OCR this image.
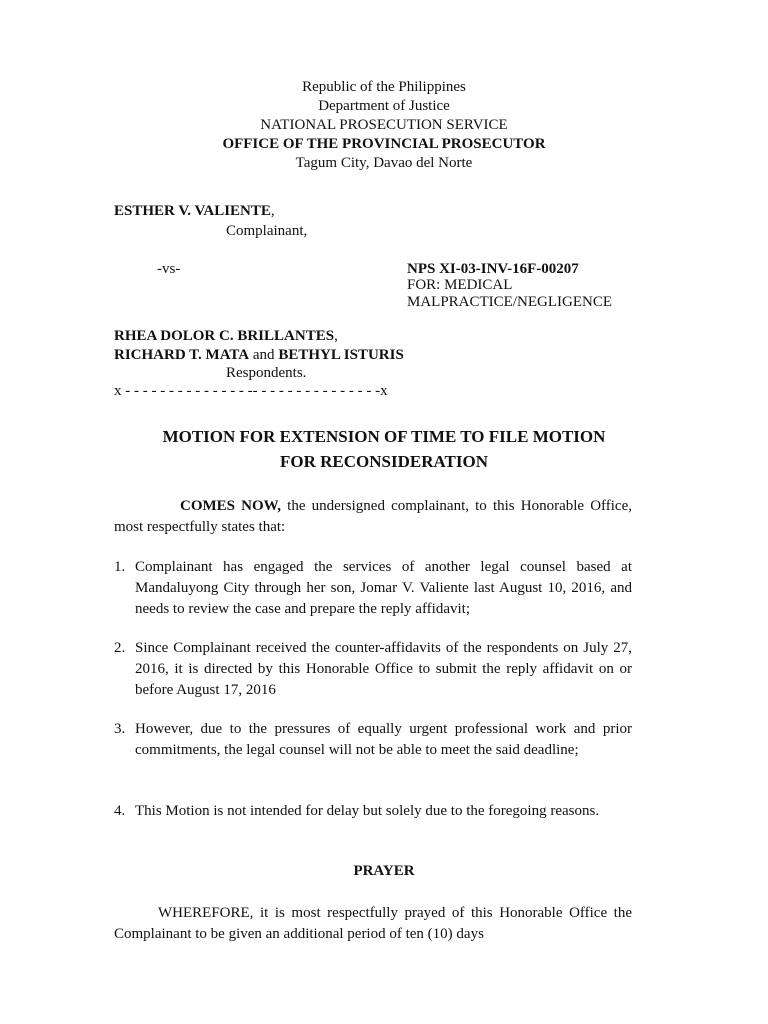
Republic of the Philippines
Department of Justice
NATIONAL PROSECUTION SERVICE
OFFICE OF THE PROVINCIAL PROSECUTOR
Tagum City, Davao del Norte
ESTHER V. VALIENTE,
Complainant,
-vs-	NPS XI-03-INV-16F-00207
FOR: MEDICAL
MALPRACTICE/NEGLIGENCE
RHEA DOLOR C. BRILLANTES,
RICHARD T. MATA and BETHYL ISTURIS
Respondents.
x - - - - - - - - - - - - - - -- - - - - - - - - - - - - - -x
MOTION FOR EXTENSION OF TIME TO FILE MOTION
FOR RECONSIDERATION
COMES NOW, the undersigned complainant, to this Honorable Office, most respectfully states that:
1. Complainant has engaged the services of another legal counsel based at Mandaluyong City through her son, Jomar V. Valiente last August 10, 2016, and needs to review the case and prepare the reply affidavit;
2. Since Complainant received the counter-affidavits of the respondents on July 27, 2016, it is directed by this Honorable Office to submit the reply affidavit on or before August 17, 2016
3. However, due to the pressures of equally urgent professional work and prior commitments, the legal counsel will not be able to meet the said deadline;
4. This Motion is not intended for delay but solely due to the foregoing reasons.
PRAYER
WHEREFORE, it is most respectfully prayed of this Honorable Office the Complainant to be given an additional period of ten (10) days
